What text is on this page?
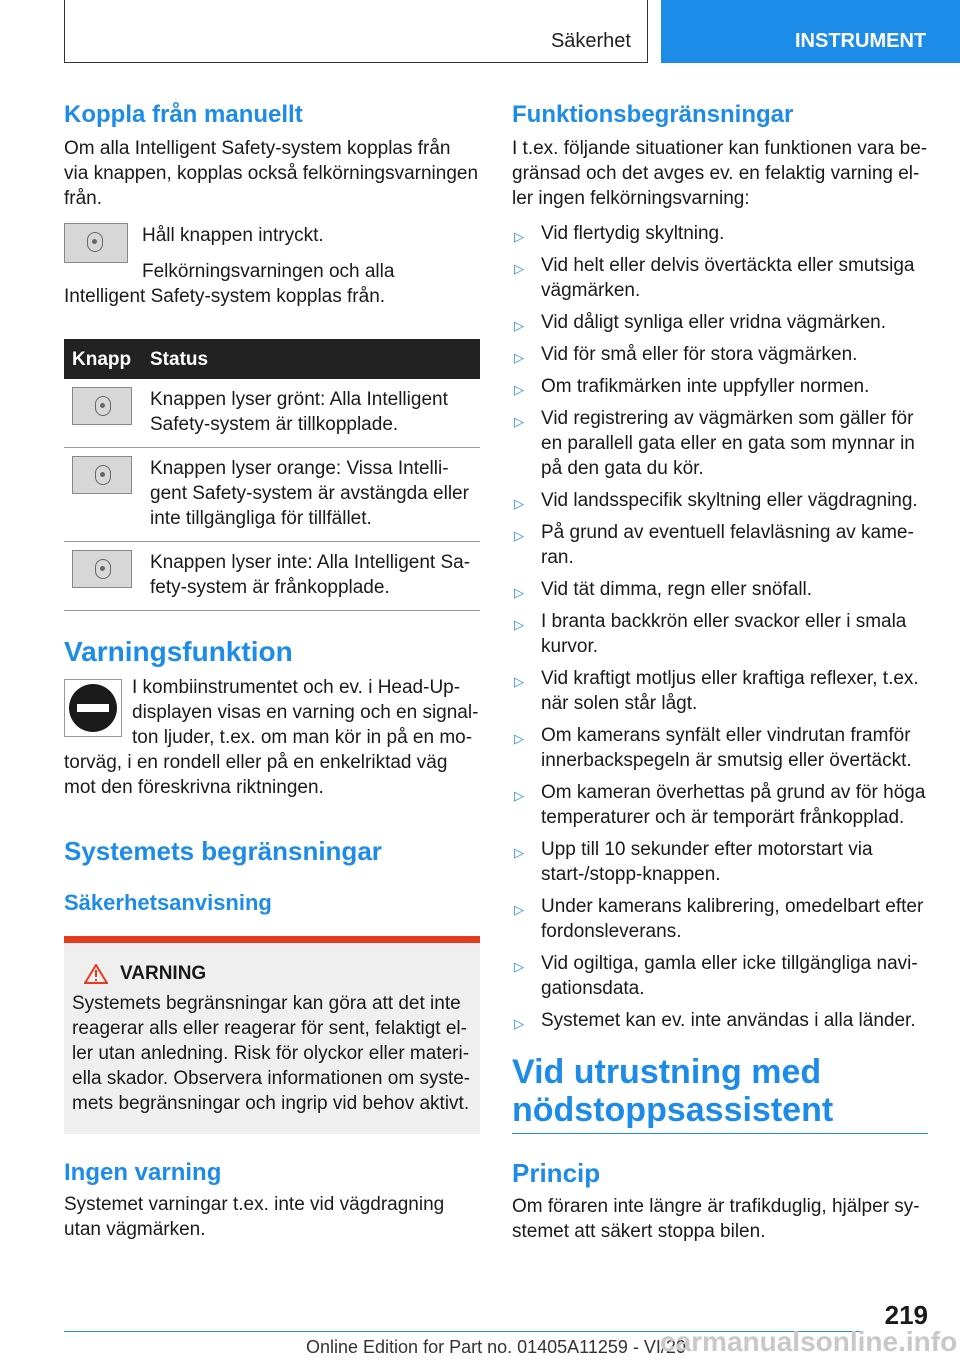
Säkerhet	INSTRUMENT
Koppla från manuellt

Om alla Intelligent Safety-system kopplas från via knappen, kopplas också felkörningsvarningen från.

Håll knappen intryckt.

Felkörningsvarningen och alla Intelligent Safety-system kopplas från.

Knapp	Status

	Knappen lyser grönt: Alla Intelligent Safety-system är tillkopplade.

	Knappen lyser orange: Vissa Intelli-gent Safety-system är avstängda eller inte tillgängliga för tillfället.

	Knappen lyser inte: Alla Intelligent Sa-fety-system är frånkopplade.
Varningsfunktion

I kombiinstrumentet och ev. i Head-Up-displayen visas en varning och en signal-ton ljuder, t.ex. om man kör in på en mo-torväg, i en rondell eller på en enkelriktad väg mot den föreskrivna riktningen.

Systemets begränsningar
Säkerhetsanvisning
VARNING

Systemets begränsningar kan göra att det inte reagerar alls eller reagerar för sent, felaktigt el-ler utan anledning. Risk för olyckor eller materi-ella skador. Observera informationen om syste-mets begränsningar och ingrip vid behov aktivt.

Ingen varning

Systemet varningar t.ex. inte vid vägdragning utan vägmärken.

Funktionsbegränsningar

I t.ex. följande situationer kan funktionen vara be-gränsad och det avges ev. en felaktig varning el-ler ingen felkörningsvarning:

▷ Vid flertydig skyltning.
▷ Vid helt eller delvis övertäckta eller smutsiga vägmärken.
▷ Vid dåligt synliga eller vridna vägmärken.
▷ Vid för små eller för stora vägmärken.
▷ Om trafikmärken inte uppfyller normen.
▷ Vid registrering av vägmärken som gäller för en parallell gata eller en gata som mynnar in på den gata du kör.
▷ Vid landsspecifik skyltning eller vägdragning.
▷ På grund av eventuell felavläsning av kame-ran.
▷ Vid tät dimma, regn eller snöfall.
▷ I branta backkrön eller svackor eller i smala kurvor.
▷ Vid kraftigt motljus eller kraftiga reflexer, t.ex. när solen står lågt.
▷ Om kamerans synfält eller vindrutan framför innerbackspegeln är smutsig eller övertäckt.
▷ Om kameran överhettas på grund av för höga temperaturer och är temporärt frånkopplad.
▷ Upp till 10 sekunder efter motorstart via start-/stopp-knappen.
▷ Under kamerans kalibrering, omedelbart efter fordonsleverans.
▷ Vid ogiltiga, gamla eller icke tillgängliga navi-gationsdata.
▷ Systemet kan ev. inte användas i alla länder.
Vid utrustning med
nödstoppsassistent
Princip

Om föraren inte längre är trafikduglig, hjälper sy-stemet att säkert stoppa bilen.

219
Online Edition for Part no. 01405A11259 - VI/20
carmanualsonline.info
